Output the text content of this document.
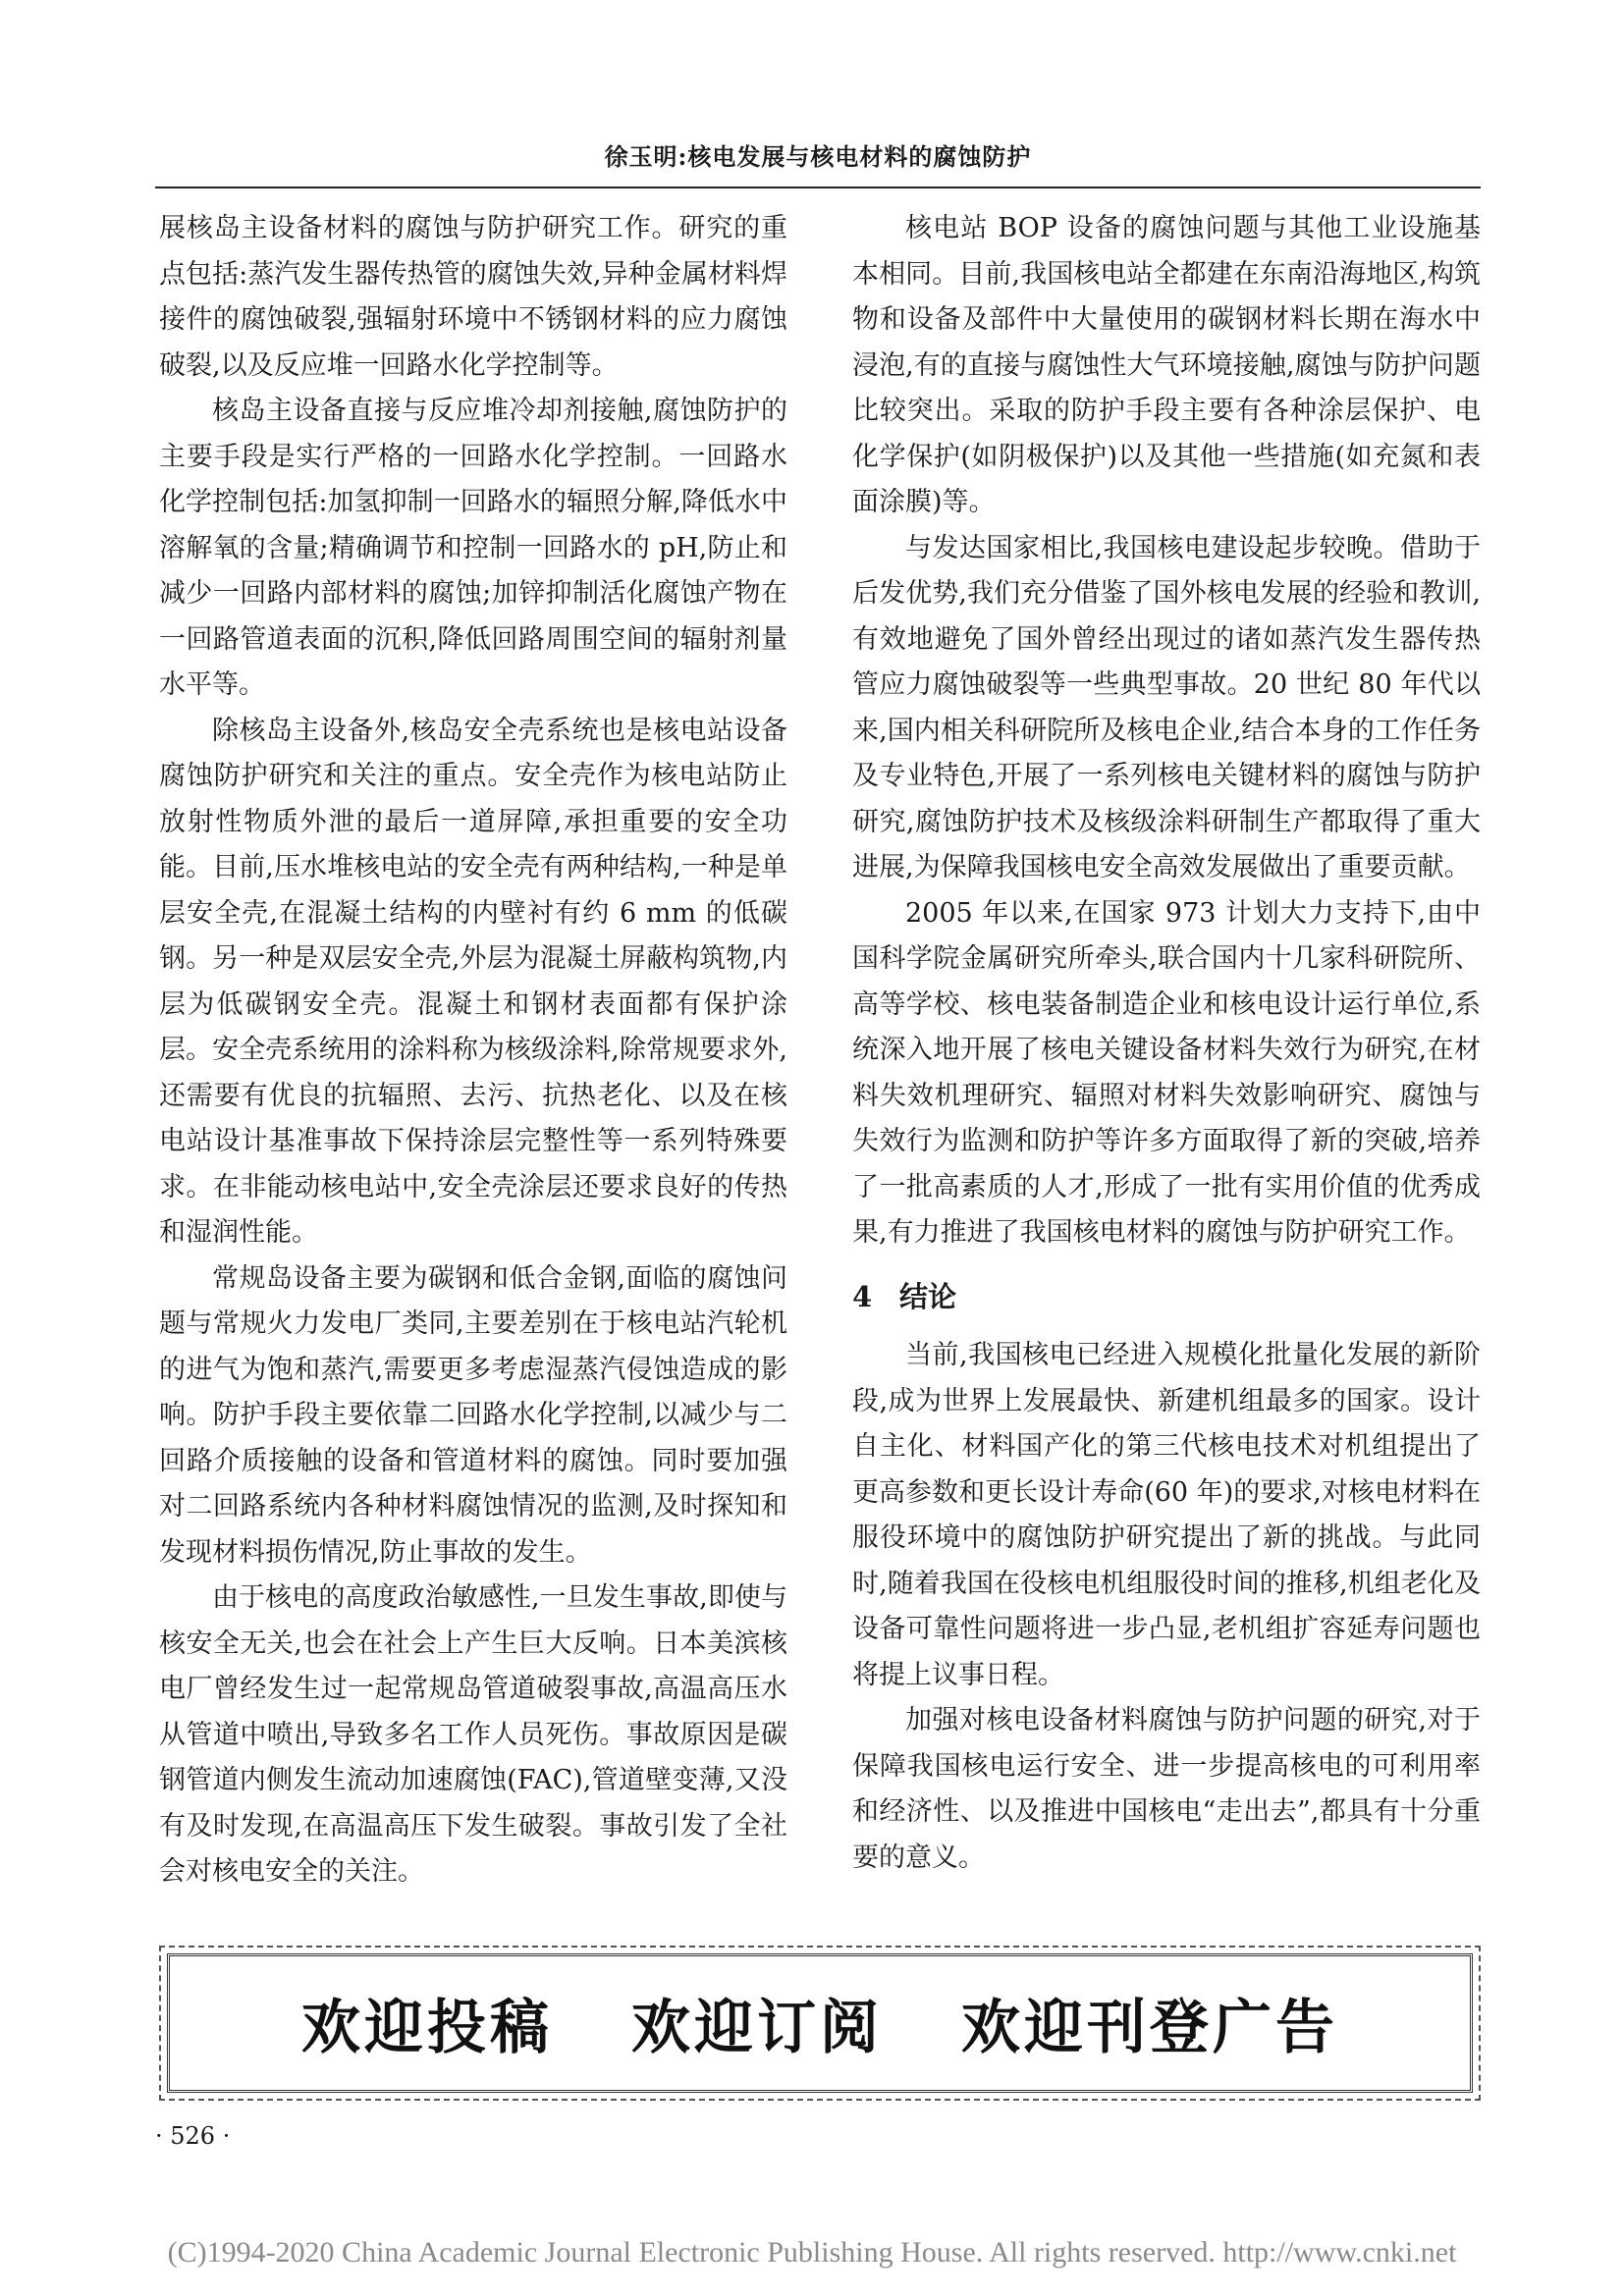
徐玉明:核电发展与核电材料的腐蚀防护

展核岛主设备材料的腐蚀与防护研究工作。研究的重点包括:蒸汽发生器传热管的腐蚀失效,异种金属材料焊接件的腐蚀破裂,强辐射环境中不锈钢材料的应力腐蚀破裂,以及反应堆一回路水化学控制等。

核岛主设备直接与反应堆冷却剂接触,腐蚀防护的主要手段是实行严格的一回路水化学控制。一回路水化学控制包括:加氢抑制一回路水的辐照分解,降低水中溶解氧的含量;精确调节和控制一回路水的 pH,防止和减少一回路内部材料的腐蚀;加锌抑制活化腐蚀产物在一回路管道表面的沉积,降低回路周围空间的辐射剂量水平等。

除核岛主设备外,核岛安全壳系统也是核电站设备腐蚀防护研究和关注的重点。安全壳作为核电站防止放射性物质外泄的最后一道屏障,承担重要的安全功能。目前,压水堆核电站的安全壳有两种结构,一种是单层安全壳,在混凝土结构的内壁衬有约 6 mm 的低碳钢。另一种是双层安全壳,外层为混凝土屏蔽构筑物,内层为低碳钢安全壳。混凝土和钢材表面都有保护涂层。安全壳系统用的涂料称为核级涂料,除常规要求外,还需要有优良的抗辐照、去污、抗热老化、以及在核电站设计基准事故下保持涂层完整性等一系列特殊要求。在非能动核电站中,安全壳涂层还要求良好的传热和湿润性能。

常规岛设备主要为碳钢和低合金钢,面临的腐蚀问题与常规火力发电厂类同,主要差别在于核电站汽轮机的进气为饱和蒸汽,需要更多考虑湿蒸汽侵蚀造成的影响。防护手段主要依靠二回路水化学控制,以减少与二回路介质接触的设备和管道材料的腐蚀。同时要加强对二回路系统内各种材料腐蚀情况的监测,及时探知和发现材料损伤情况,防止事故的发生。

由于核电的高度政治敏感性,一旦发生事故,即使与核安全无关,也会在社会上产生巨大反响。日本美滨核电厂曾经发生过一起常规岛管道破裂事故,高温高压水从管道中喷出,导致多名工作人员死伤。事故原因是碳钢管道内侧发生流动加速腐蚀(FAC),管道壁变薄,又没有及时发现,在高温高压下发生破裂。事故引发了全社会对核电安全的关注。

核电站 BOP 设备的腐蚀问题与其他工业设施基本相同。目前,我国核电站全都建在东南沿海地区,构筑物和设备及部件中大量使用的碳钢材料长期在海水中浸泡,有的直接与腐蚀性大气环境接触,腐蚀与防护问题比较突出。采取的防护手段主要有各种涂层保护、电化学保护(如阴极保护)以及其他一些措施(如充氮和表面涂膜)等。

与发达国家相比,我国核电建设起步较晚。借助于后发优势,我们充分借鉴了国外核电发展的经验和教训,有效地避免了国外曾经出现过的诸如蒸汽发生器传热管应力腐蚀破裂等一些典型事故。20 世纪 80 年代以来,国内相关科研院所及核电企业,结合本身的工作任务及专业特色,开展了一系列核电关键材料的腐蚀与防护研究,腐蚀防护技术及核级涂料研制生产都取得了重大进展,为保障我国核电安全高效发展做出了重要贡献。

2005 年以来,在国家 973 计划大力支持下,由中国科学院金属研究所牵头,联合国内十几家科研院所、高等学校、核电装备制造企业和核电设计运行单位,系统深入地开展了核电关键设备材料失效行为研究,在材料失效机理研究、辐照对材料失效影响研究、腐蚀与失效行为监测和防护等许多方面取得了新的突破,培养了一批高素质的人才,形成了一批有实用价值的优秀成果,有力推进了我国核电材料的腐蚀与防护研究工作。

4 结论

当前,我国核电已经进入规模化批量化发展的新阶段,成为世界上发展最快、新建机组最多的国家。设计自主化、材料国产化的第三代核电技术对机组提出了更高参数和更长设计寿命(60 年)的要求,对核电材料在服役环境中的腐蚀防护研究提出了新的挑战。与此同时,随着我国在役核电机组服役时间的推移,机组老化及设备可靠性问题将进一步凸显,老机组扩容延寿问题也将提上议事日程。

加强对核电设备材料腐蚀与防护问题的研究,对于保障我国核电运行安全、进一步提高核电的可利用率和经济性、以及推进中国核电“走出去”,都具有十分重要的意义。

欢迎投稿 欢迎订阅 欢迎刊登广告
· 526 ·
(C)1994-2020 China Academic Journal Electronic Publishing House. All rights reserved. http://www.cnki.net
